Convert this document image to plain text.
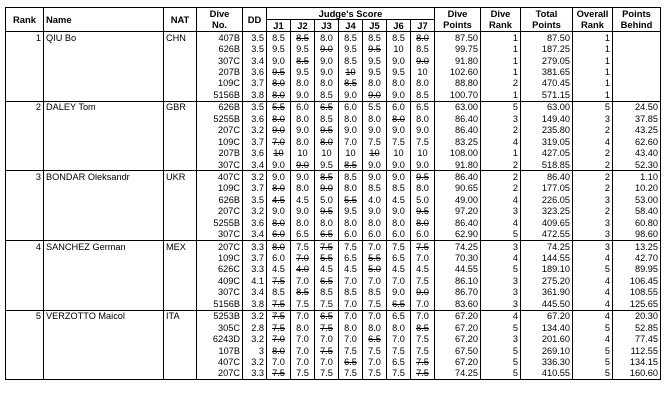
Rank	Name	NAT	Dive	DD	Judge's Score							Dive	Dive	Total	Overall	Points
			No.		J1	J2	J3	J4	J5	J6	J7	Points	Rank	Points	Rank	Behind
1	QIU Bo	CHN	407B	3.5	8.5	8.5	8.0	8.5	8.5	8.5	8.0	87.50	1	87.50	1	
			626B	3.5	9.5	9.5	9.0	9.5	9.5	10	8.5	99.75	1	187.25	1	
			307C	3.4	9.0	8.5	9.0	8.5	9.5	9.0	9.0	91.80	1	279.05	1	
			207B	3.6	9.5	9.5	9.0	10	9.5	9.5	10	102.60	1	381.65	1	
			109C	3.7	8.0	8.0	8.0	8.5	8.0	8.0	8.0	88.80	2	470.45	1	
			5156B	3.8	8.0	9.0	8.5	9.0	9.0	9.0	8.5	100.70	1	571.15	1	
2	DALEY Tom	GBR	626B	3.5	5.5	6.0	6.5	6.0	5.5	6.0	6.5	63.00	5	63.00	5	24.50
			5255B	3.6	8.0	8.0	8.5	8.0	8.0	8.0	8.0	86.40	3	149.40	3	37.85
			207C	3.2	9.0	9.0	9.5	9.0	9.0	9.0	9.0	86.40	2	235.80	2	43.25
			109C	3.7	7.0	8.0	8.0	7.0	7.5	7.5	7.5	83.25	4	319.05	4	62.60
			207B	3.6	10	10	10	10	10	10	10	108.00	1	427.05	2	43.40
			307C	3.4	9.0	9.0	9.5	8.5	9.0	9.0	9.0	91.80	2	518.85	2	52.30
3	BONDAR Oleksandr	UKR	407C	3.2	9.0	9.0	8.5	8.5	9.0	9.0	9.5	86.40	2	86.40	2	1.10
			109C	3.7	8.0	8.0	9.0	8.0	8.5	8.5	8.0	90.65	2	177.05	2	10.20
			626B	3.5	4.5	4.5	5.0	5.5	4.0	4.5	5.0	49.00	4	226.05	3	53.00
			207C	3.2	9.0	9.0	9.5	9.5	9.0	9.0	9.5	97.20	3	323.25	2	58.40
			5255B	3.6	8.0	8.0	8.0	8.0	8.0	8.0	8.0	86.40	4	409.65	3	60.80
			307C	3.4	6.0	6.5	6.5	6.0	6.0	6.0	6.0	62.90	5	472.55	3	98.60
4	SANCHEZ German	MEX	207C	3.3	8.0	7.5	7.5	7.5	7.0	7.5	7.5	74.25	3	74.25	3	13.25
			109C	3.7	6.0	7.0	5.5	6.5	5.5	6.5	7.0	70.30	4	144.55	4	42.70
			626C	3.3	4.5	4.0	4.5	4.5	5.0	4.5	4.5	44.55	5	189.10	5	89.95
			409C	4.1	7.5	7.0	6.5	7.0	7.0	7.0	7.5	86.10	3	275.20	4	106.45
			307C	3.4	8.5	8.5	8.5	8.5	8.5	9.0	9.0	86.70	3	361.90	4	108.55
			5156B	3.8	7.5	7.5	7.5	7.0	7.5	6.5	7.0	83.60	3	445.50	4	125.65
5	VERZOTTO Maicol	ITA	5253B	3.2	7.5	7.0	6.5	7.0	7.0	6.5	7.0	67.20	4	67.20	4	20.30
			305C	2.8	7.5	8.0	7.5	8.0	8.0	8.0	8.5	67.20	5	134.40	5	52.85
			6243D	3.2	7.0	7.0	7.0	7.0	6.5	7.0	7.5	67.20	3	201.60	4	77.45
			107B	3	8.0	7.0	7.5	7.5	7.5	7.5	7.5	67.50	5	269.10	5	112.55
			407C	3.2	7.0	7.0	7.0	6.5	7.0	6.5	7.5	67.20	5	336.30	5	134.15
			207C	3.3	7.5	7.5	7.5	7.5	7.5	7.5	7.5	74.25	5	410.55	5	160.60
